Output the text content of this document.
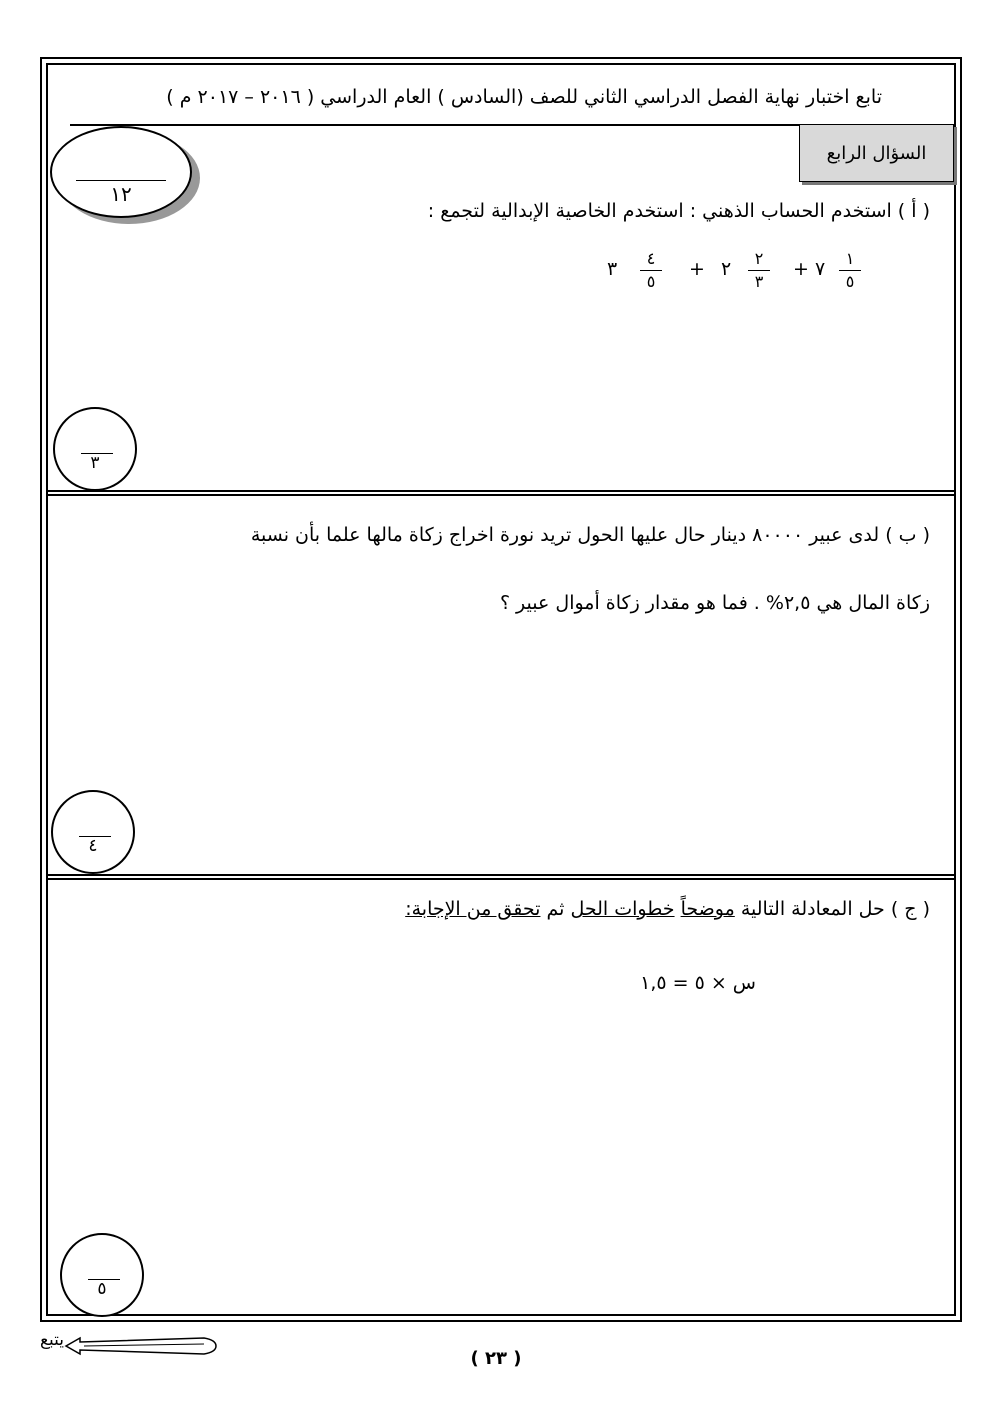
تابع اختبار نهاية الفصل الدراسي الثاني للصف (السادس ) العام الدراسي ( ٢٠١٦ – ٢٠١٧ م )
السؤال الرابع
١٢
( أ ) استخدم الحساب الذهني : استخدم الخاصية الإبدالية لتجمع :
١
٥
٧
+
٢
٣
٢
+
٤
٥
٣
٣
( ب ) لدى عبير ٨٠٠٠٠ دينار حال عليها الحول تريد نورة اخراج زكاة مالها علما بأن نسبة
زكاة المال هي ٢,٥% . فما هو مقدار زكاة أموال عبير ؟
٤
( ج ) حل المعادلة التالية موضحاً خطوات الحل ثم تحقق من الإجابة:
س × ٥ = ١,٥
٥
يتبع
( ٢٣ )
